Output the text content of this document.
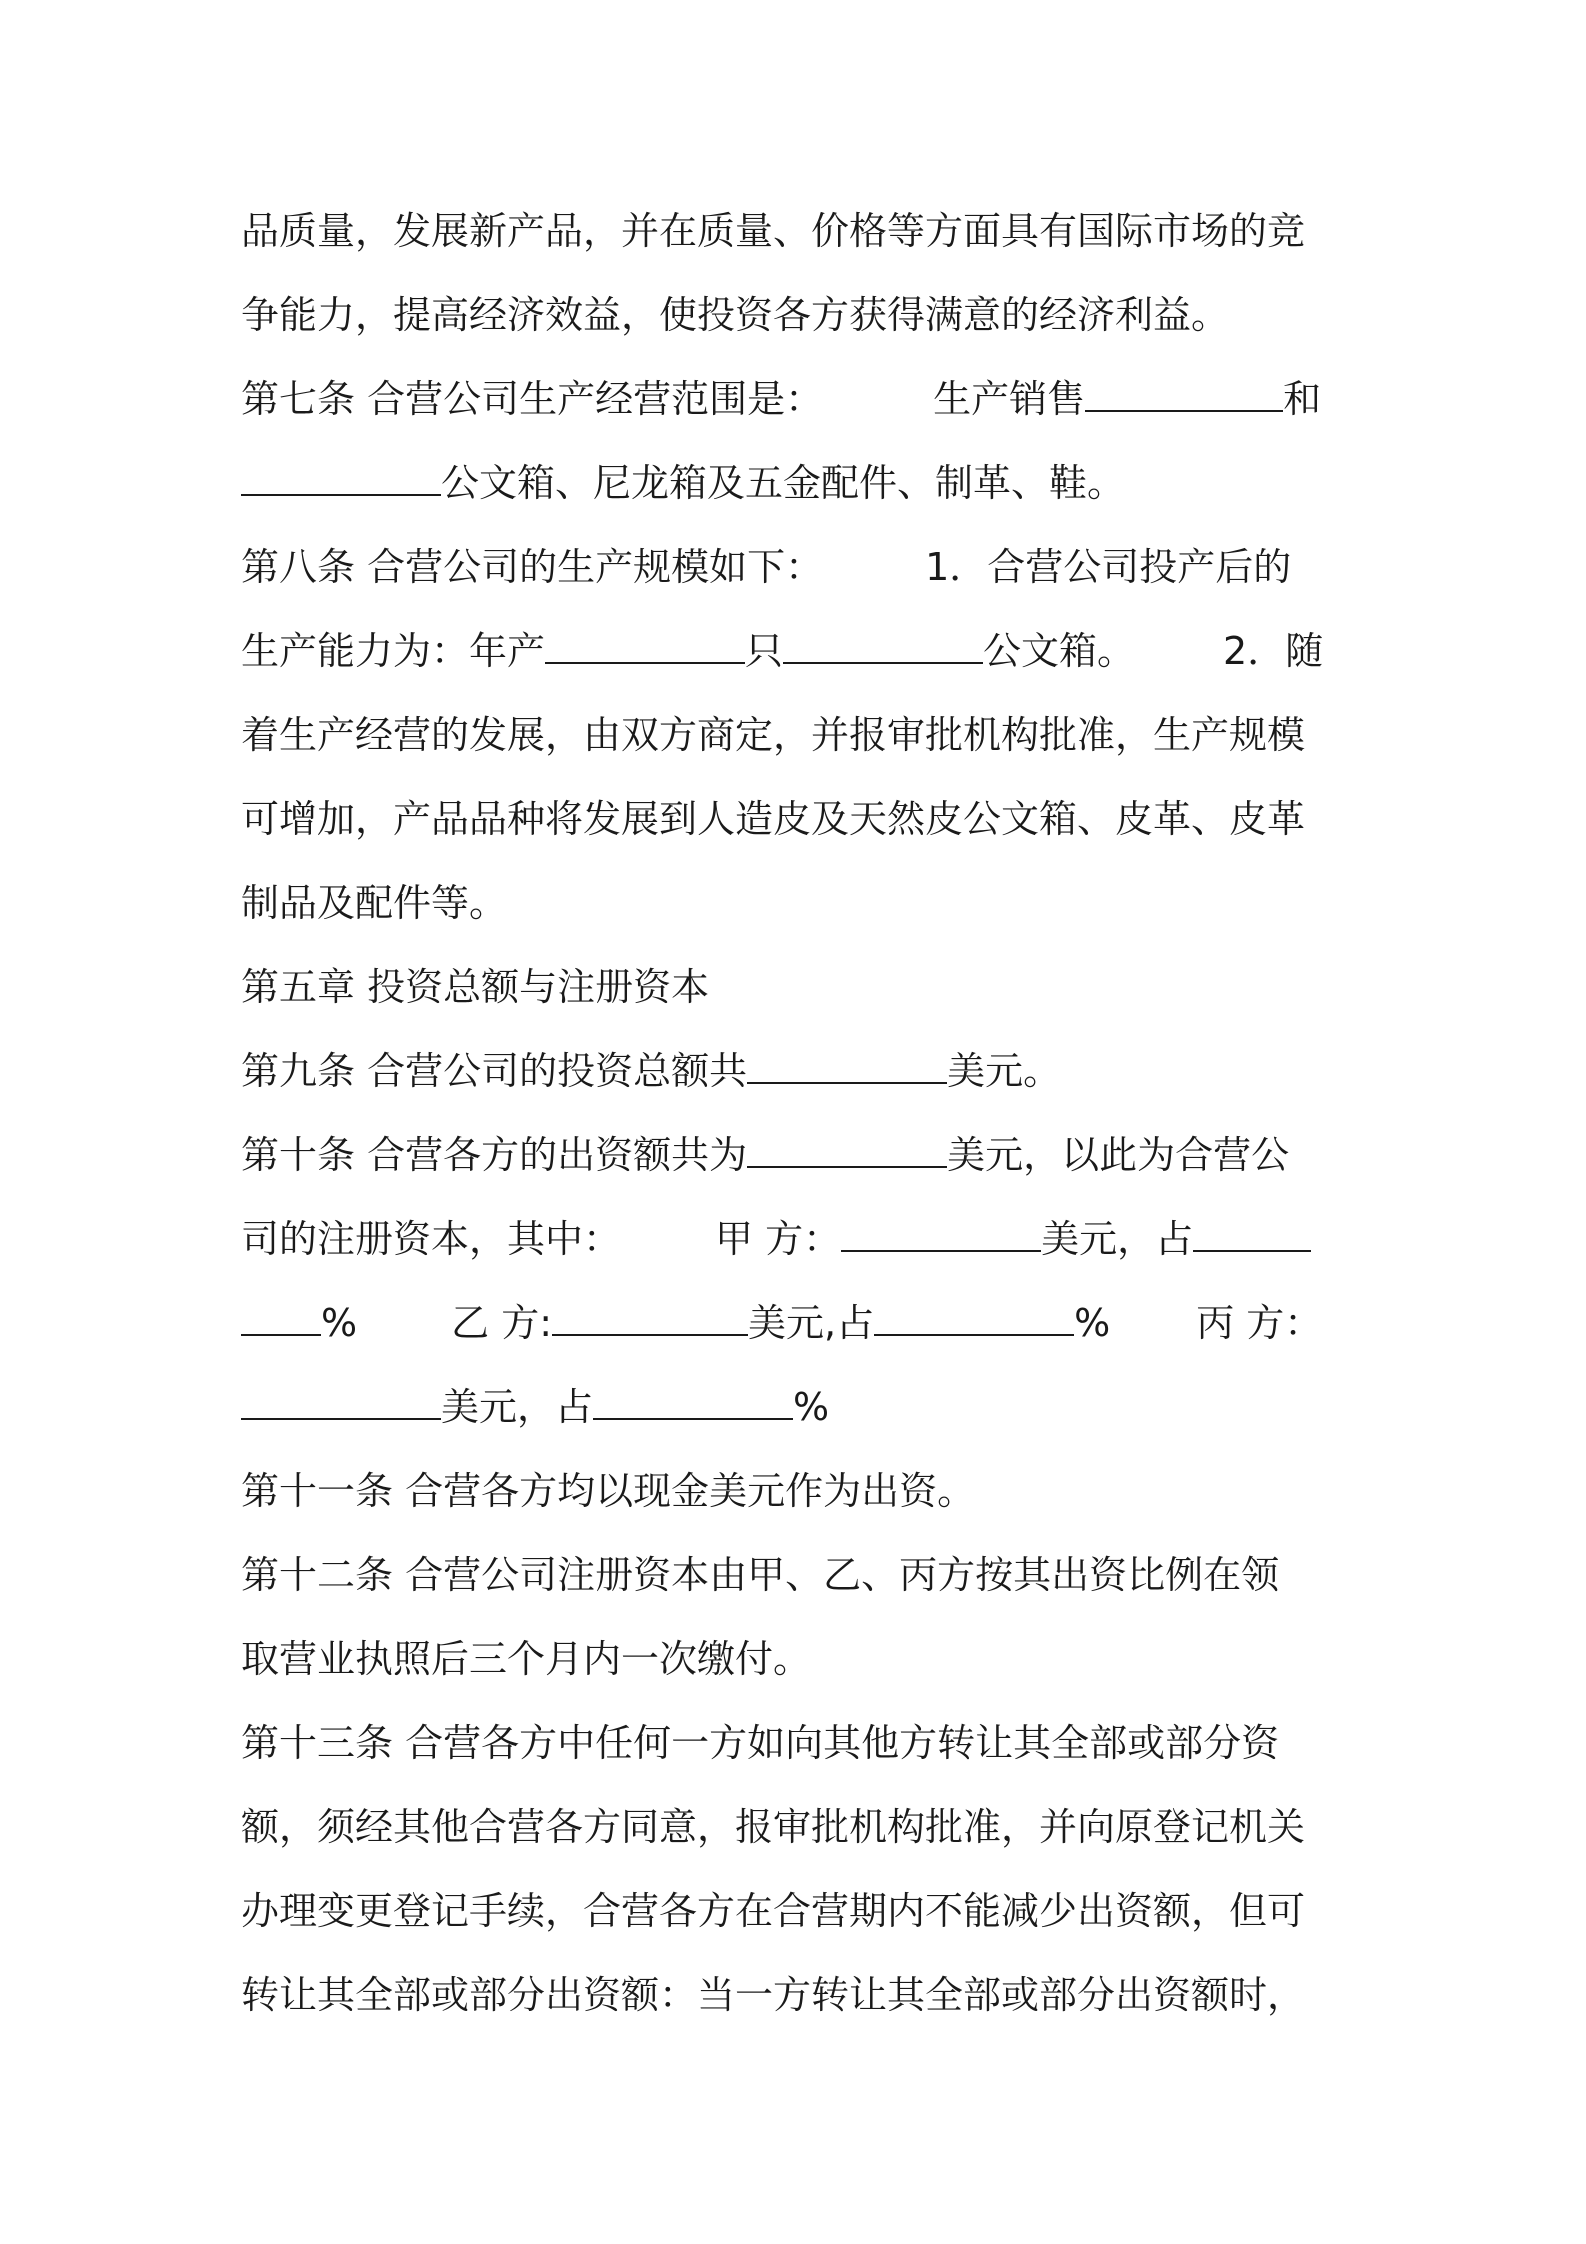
品质量，发展新产品，并在质量、价格等方面具有国际市场的竞
争能力，提高经济效益，使投资各方获得满意的经济利益。
第七条 合营公司生产经营范围是：	生产销售	和
公文箱、尼龙箱及五金配件、制革、鞋。
第八条 合营公司的生产规模如下：	1．合营公司投产后的
生产能力为：年产	只	公文箱。 2．随
着生产经营的发展，由双方商定，并报审批机构批准，生产规模
可增加，产品品种将发展到人造皮及天然皮公文箱、皮革、皮革
制品及配件等。
第五章 投资总额与注册资本
第九条 合营公司的投资总额共	美元。
第十条 合营各方的出资额共为	美元，以此为合营公
司的注册资本，其中： 甲 方：	美元，占
% 乙 方:	美元,占	% 丙 方：
美元，占	%
第十一条 合营各方均以现金美元作为出资。
第十二条 合营公司注册资本由甲、乙、丙方按其出资比例在领
取营业执照后三个月内一次缴付。
第十三条 合营各方中任何一方如向其他方转让其全部或部分资
额，须经其他合营各方同意，报审批机构批准，并向原登记机关
办理变更登记手续，合营各方在合营期内不能减少出资额，但可
转让其全部或部分出资额：当一方转让其全部或部分出资额时，
